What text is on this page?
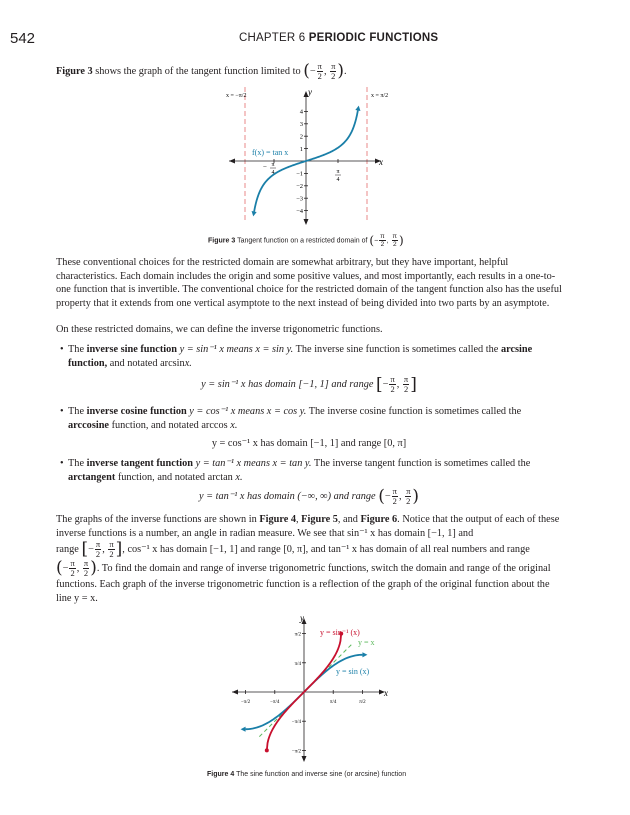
542	CHAPTER 6 PERIODIC FUNCTIONS
Figure 3 shows the graph of the tangent function limited to (− $\frac{\pi}{2}$ , $\frac{\pi}{2}$ ).
4
3
2
1
−1
−2
−3
−4
π
4
− π
4
x
y
f(x) = tan x
x = −π/2	x = π/2
Figure 3 Tangent function on a restricted domain of (− $\frac{\pi}{2}$ , $\frac{\pi}{2}$ )
These conventional choices for the restricted domain are somewhat arbitrary, but they have important, helpful characteristics. Each domain includes the origin and some positive values, and most importantly, each results in a one-to-one function that is invertible. The conventional choice for the restricted domain of the tangent function also has the useful property that it extends from one vertical asymptote to the next instead of being divided into two parts by an asymptote.
On these restricted domains, we can define the inverse trigonometric functions.
• The inverse sine function y = sin⁻¹ x means x = sin y. The inverse sine function is sometimes called the arcsine function, and notated arcsinx.
y = sin⁻¹ x has domain [−1, 1] and range [− $\frac{\pi}{2}$ , $\frac{\pi}{2}$ ]
• The inverse cosine function y = cos⁻¹ x means x = cos y. The inverse cosine function is sometimes called the arccosine function, and notated arccos x.
y = cos⁻¹ x has domain [−1, 1] and range [0, π]
• The inverse tangent function y = tan⁻¹ x means x = tan y. The inverse tangent function is sometimes called the arctangent function, and notated arctan x.
y = tan⁻¹ x has domain (−∞, ∞) and range (− $\frac{\pi}{2}$ , $\frac{\pi}{2}$ )
The graphs of the inverse functions are shown in Figure 4, Figure 5, and Figure 6. Notice that the output of each of these inverse functions is a number, an angle in radian measure. We see that sin⁻¹ x has domain [−1, 1] and
range [− $\frac{\pi}{2}$ , $\frac{\pi}{2}$ ], cos⁻¹ x has domain [−1, 1] and range [0, π], and tan⁻¹ x has domain of all real numbers and range
(− $\frac{\pi}{2}$ , $\frac{\pi}{2}$ ). To find the domain and range of inverse trigonometric functions, switch the domain and range of the original functions. Each graph of the inverse trigonometric function is a reflection of the graph of the original function about the line y = x.
−π/2
−π/2
−π/4
−π/4
π/4
π/4
π/2
π/2
x
y
y = sin⁻¹ (x)
y = x
y = sin (x)
Figure 4 The sine function and inverse sine (or arcsine) function
